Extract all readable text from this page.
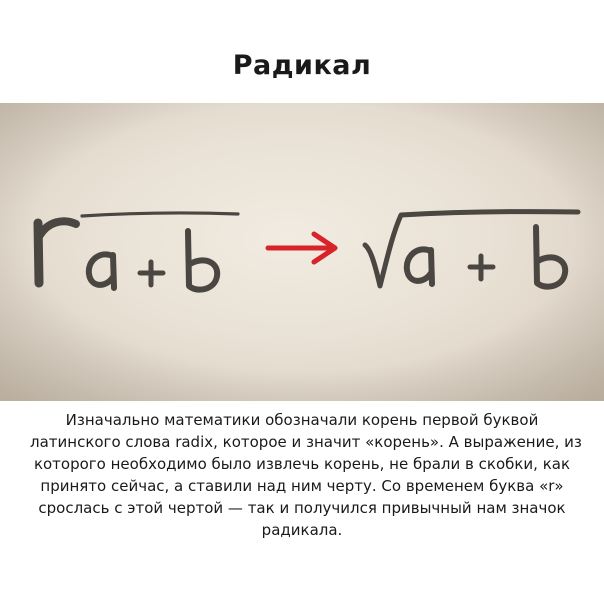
Радикал
Изначально математики обозначали корень первой буквой
латинского слова radix, которое и значит «корень». А выражение, из
которого необходимо было извлечь корень, не брали в скобки, как
принято сейчас, а ставили над ним черту. Со временем буква «r»
срослась с этой чертой — так и получился привычный нам значок
радикала.
